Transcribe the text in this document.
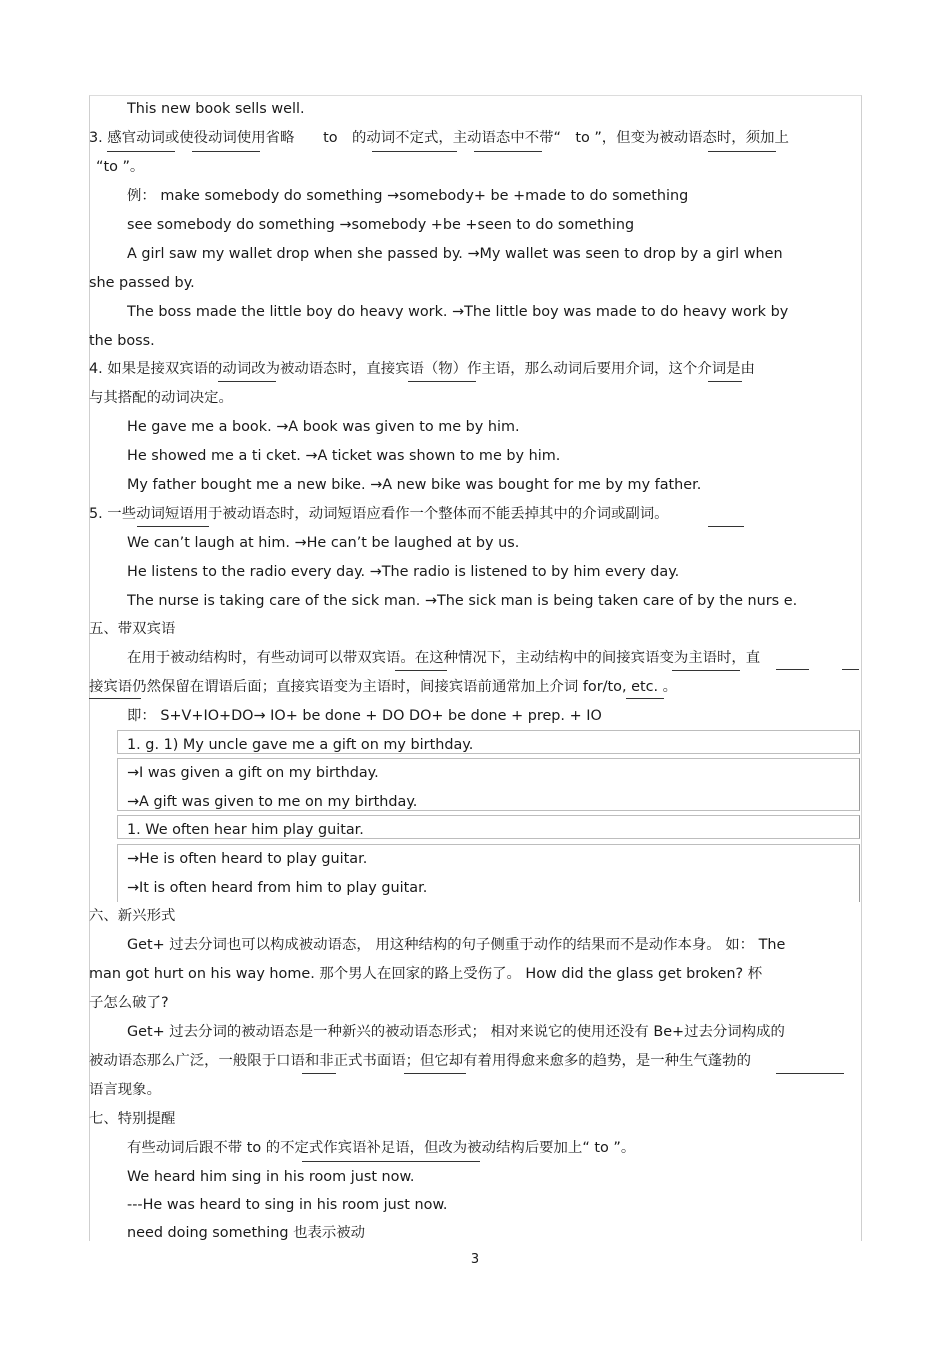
This new book sells well.
3. 感官动词或使役动词使用省略　　to　的动词不定式，主动语态中不带“　to ”，但变为被动语态时，须加上
“to ”。
例： make somebody do something →somebody+ be +made to do something
see somebody do something →somebody +be +seen to do something
A girl saw my wallet drop when she passed by. →My wallet was seen to drop by a girl when
she passed by.
The boss made the little boy do heavy work. →The little boy was made to do heavy work by
the boss.
4. 如果是接双宾语的动词改为被动语态时，直接宾语（物）作主语，那么动词后要用介词，这个介词是由
与其搭配的动词决定。
He gave me a book. →A book was given to me by him.
He showed me a ti cket. →A ticket was shown to me by him.
My father bought me a new bike. →A new bike was bought for me by my father.
5. 一些动词短语用于被动语态时，动词短语应看作一个整体而不能丢掉其中的介词或副词。
We can’t laugh at him. →He can’t be laughed at by us.
He listens to the radio every day. →The radio is listened to by him every day.
The nurse is taking care of the sick man. →The sick man is being taken care of by the nurs e.
五、带双宾语
在用于被动结构时，有些动词可以带双宾语。在这种情况下，主动结构中的间接宾语变为主语时，直
接宾语仍然保留在谓语后面；直接宾语变为主语时，间接宾语前通常加上介词 for/to, etc. 。
即： S+V+IO+DO→ IO+ be done + DO DO+ be done + prep. + IO
1. g. 1) My uncle gave me a gift on my birthday.
→I was given a gift on my birthday.
→A gift was given to me on my birthday.
1. We often hear him play guitar.
→He is often heard to play guitar.
→It is often heard from him to play guitar.
六、新兴形式
Get+ 过去分词也可以构成被动语态， 用这种结构的句子侧重于动作的结果而不是动作本身。 如： The
man got hurt on his way home. 那个男人在回家的路上受伤了。 How did the glass get broken? 杯
子怎么破了?
Get+ 过去分词的被动语态是一种新兴的被动语态形式； 相对来说它的使用还没有 Be+过去分词构成的
被动语态那么广泛，一般限于口语和非正式书面语；但它却有着用得愈来愈多的趋势，是一种生气蓬勃的
语言现象。
七、特别提醒
有些动词后跟不带 to 的不定式作宾语补足语，但改为被动结构后要加上“ to ”。
We heard him sing in his room just now.
---He was heard to sing in his room just now.
need doing something 也表示被动
3
